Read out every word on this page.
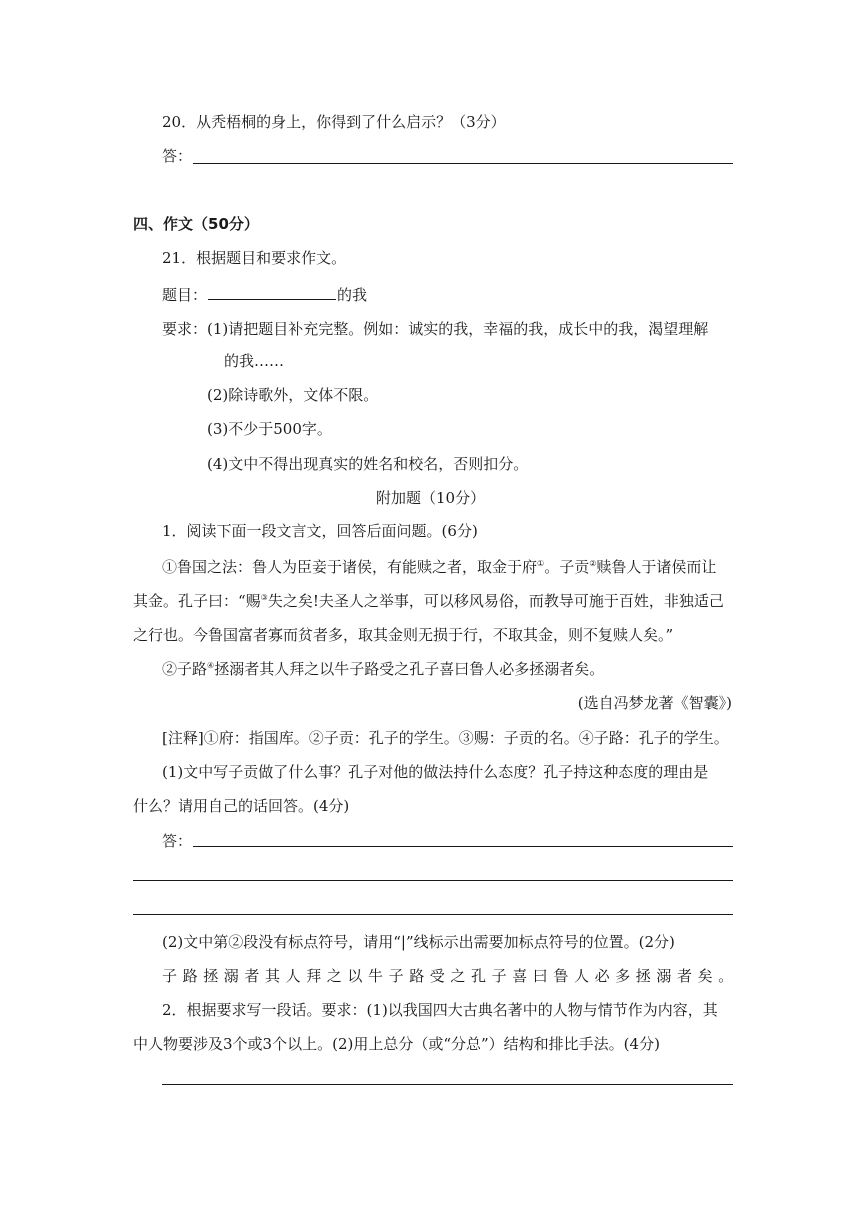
20．从秃梧桐的身上，你得到了什么启示？（3分）
答：
四、作文（50分）
21．根据题目和要求作文。
题目：	的我
要求：(1)请把题目补充完整。例如：诚实的我，幸福的我，成长中的我，渴望理解
的我……
(2)除诗歌外，文体不限。
(3)不少于500字。
(4)文中不得出现真实的姓名和校名，否则扣分。
附加题（10分）
1．阅读下面一段文言文，回答后面问题。(6分)
①鲁国之法：鲁人为臣妾于诸侯，有能赎之者，取金于府①。子贡②赎鲁人于诸侯而让
其金。孔子曰：“赐③失之矣!夫圣人之举事，可以移风易俗，而教导可施于百姓，非独适己
之行也。今鲁国富者寡而贫者多，取其金则无损于行，不取其金，则不复赎人矣。”
②子路④拯溺者其人拜之以牛子路受之孔子喜曰鲁人必多拯溺者矣。
(选自冯梦龙著《智囊》)
[注释]①府：指国库。②子贡：孔子的学生。③赐：子贡的名。④子路：孔子的学生。
(1)文中写子贡做了什么事？孔子对他的做法持什么态度？孔子持这种态度的理由是
什么？请用自己的话回答。(4分)
答：
(2)文中第②段没有标点符号，请用“|”线标示出需要加标点符号的位置。(2分)
子路拯溺者其人拜之以牛子路受之孔子喜曰鲁人必多拯溺者矣。
2．根据要求写一段话。要求：(1)以我国四大古典名著中的人物与情节作为内容，其
中人物要涉及3个或3个以上。(2)用上总分（或“分总”）结构和排比手法。(4分)
